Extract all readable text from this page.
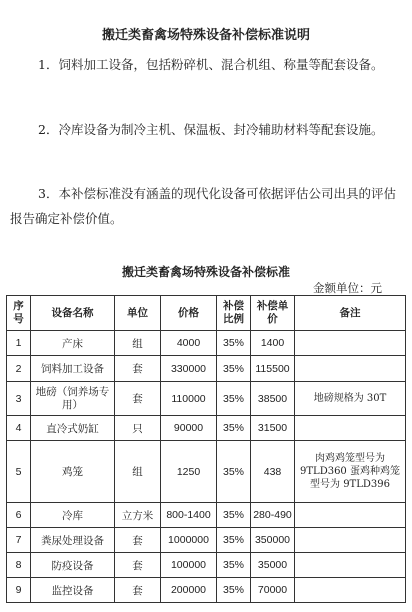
搬迁类畜禽场特殊设备补偿标准说明
1．饲料加工设备，包括粉碎机、混合机组、称量等配套设备。
2．冷库设备为制冷主机、保温板、封冷辅助材料等配套设施。
3．本补偿标准没有涵盖的现代化设备可依据评估公司出具的评估报告确定补偿价值。
搬迁类畜禽场特殊设备补偿标准
金额单位：元
序号	设备名称	单位	价格	补偿比例	补偿单价	备注
1	产床	组	4000	35%	1400	
2	饲料加工设备	套	330000	35%	115500	
3	地磅（饲养场专用）	套	110000	35%	38500	地磅规格为 30T
4	直冷式奶缸	只	90000	35%	31500	
5	鸡笼	组	1250	35%	438	肉鸡鸡笼型号为 9TLD360 蛋鸡种鸡笼型号为 9TLD396
6	冷库	立方米	800-1400	35%	280-490	
7	粪尿处理设备	套	1000000	35%	350000	
8	防疫设备	套	100000	35%	35000	
9	监控设备	套	200000	35%	70000	
